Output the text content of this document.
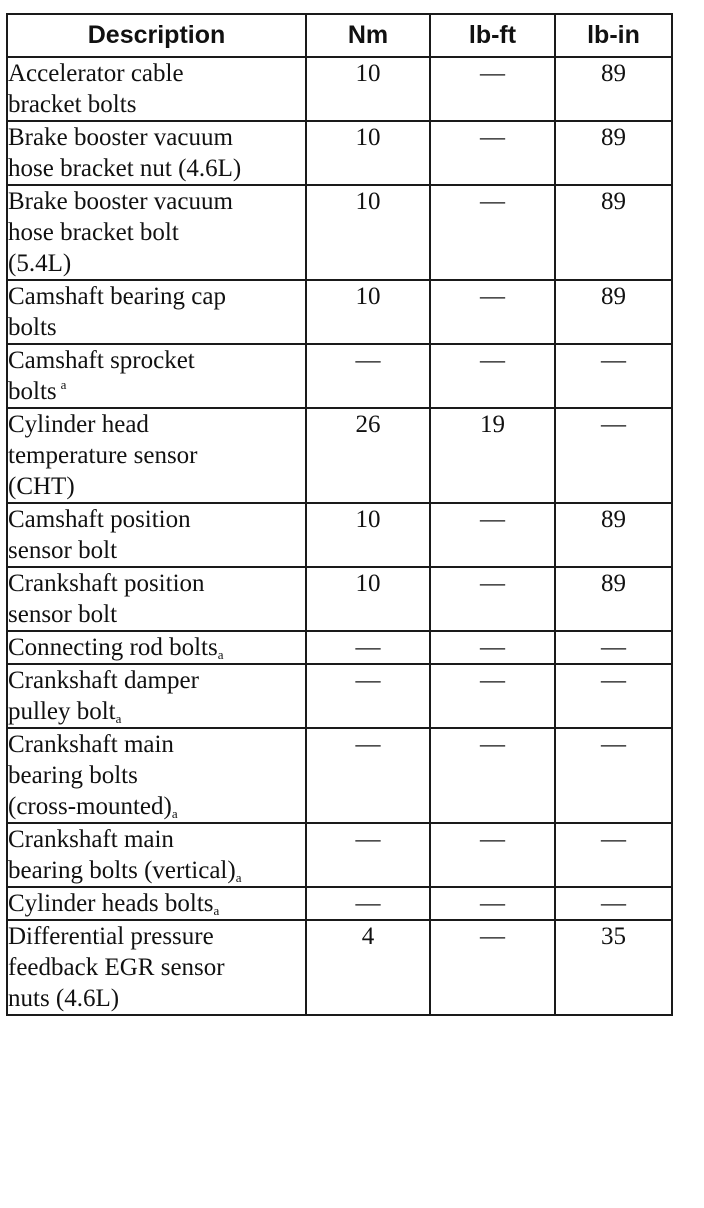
Description	Nm	lb-ft	lb-in
Accelerator cable
bracket bolts	10	—	89
Brake booster vacuum
hose bracket nut (4.6L)	10	—	89
Brake booster vacuum
hose bracket bolt
(5.4L)	10	—	89
Camshaft bearing cap
bolts	10	—	89
Camshaft sprocket
bolts $^a$	—	—	—
Cylinder head
temperature sensor
(CHT)	26	19	—
Camshaft position
sensor bolt	10	—	89
Crankshaft position
sensor bolt	10	—	89
Connecting rod bolts$_a$	—	—	—
Crankshaft damper
pulley bolt$_a$	—	—	—
Crankshaft main
bearing bolts
$(cross-mounted)_a$	—	—	—
Crankshaft main
bearing bolts $(vertical)_a$	—	—	—
Cylinder heads bolts$_a$	—	—	—
Differential pressure
feedback EGR sensor
nuts (4.6L)	4	—	35
